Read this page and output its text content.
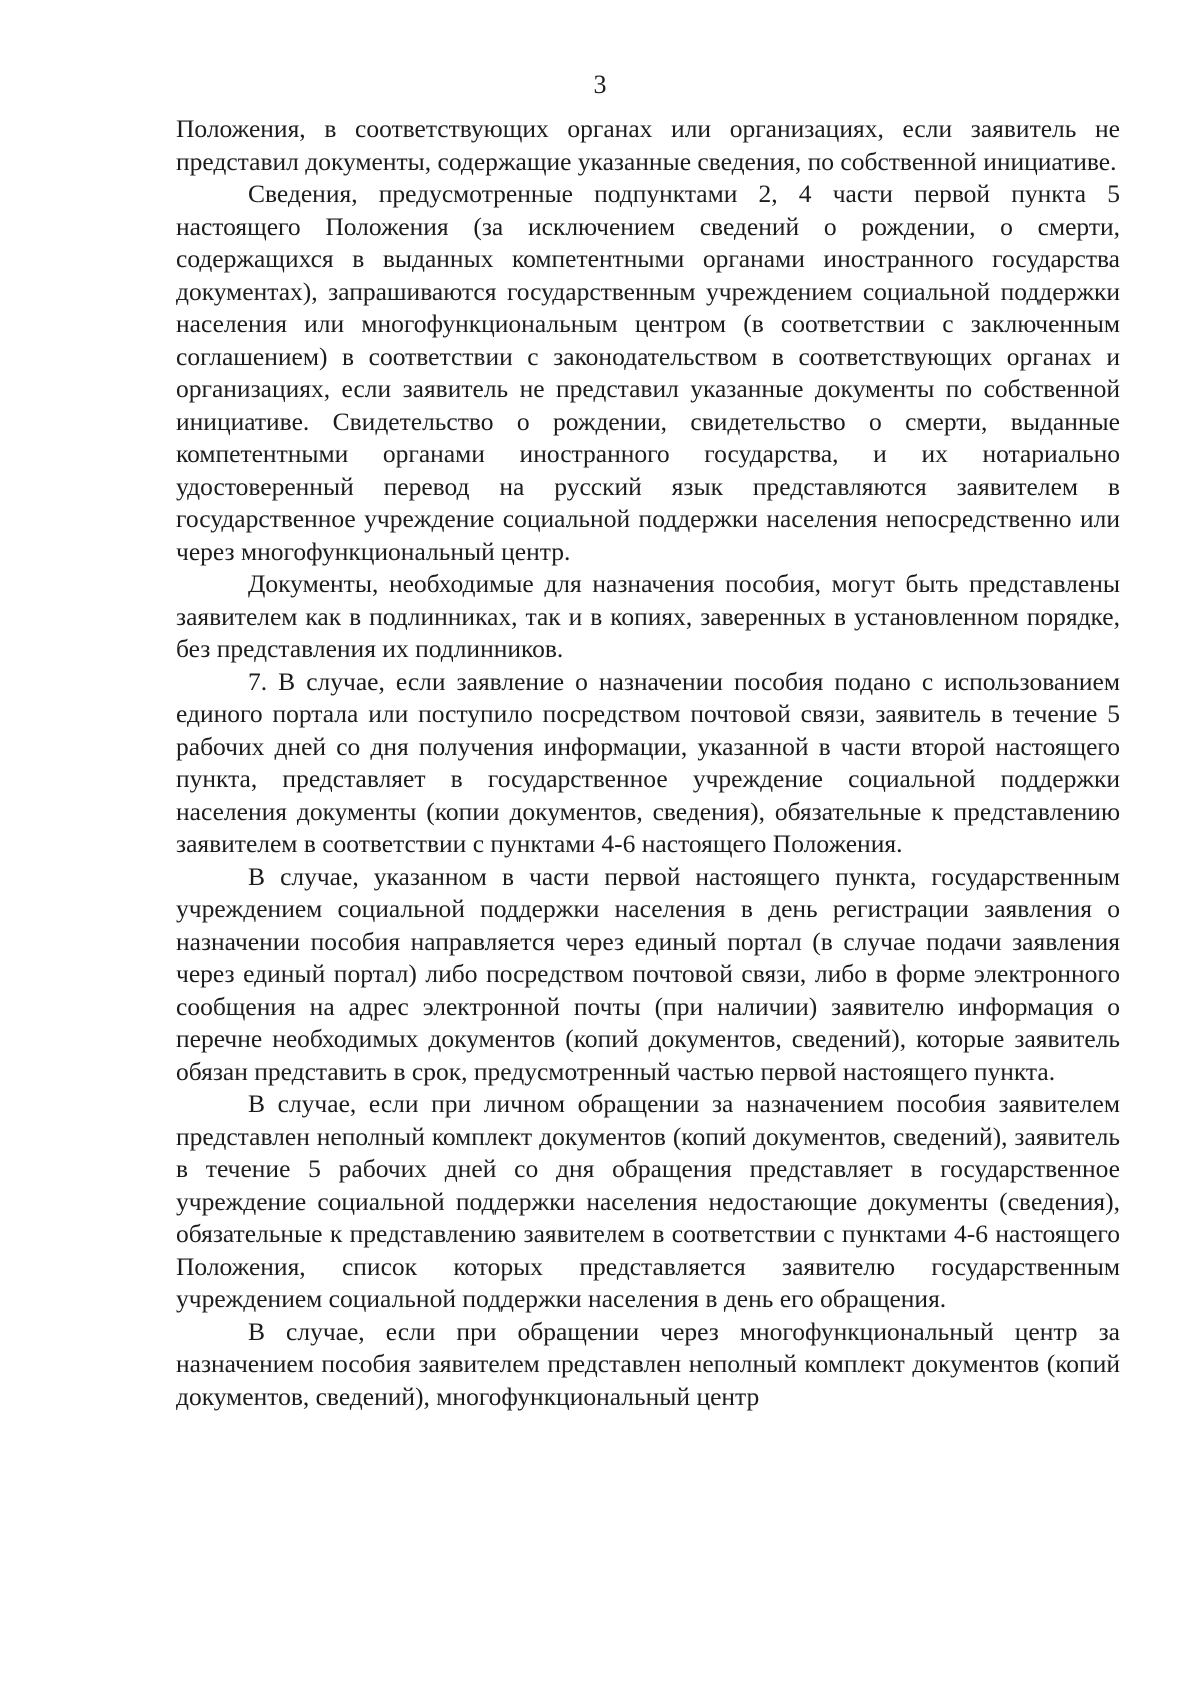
3

Положения, в соответствующих органах или организациях, если заявитель не представил документы, содержащие указанные сведения, по собственной инициативе.

Сведения, предусмотренные подпунктами 2, 4 части первой пункта 5 настоящего Положения (за исключением сведений о рождении, о смерти, содержащихся в выданных компетентными органами иностранного государства документах), запрашиваются государственным учреждением социальной поддержки населения или многофункциональным центром (в соответствии с заключенным соглашением) в соответствии с законодательством в соответствующих органах и организациях, если заявитель не представил указанные документы по собственной инициативе. Свидетельство о рождении, свидетельство о смерти, выданные компетентными органами иностранного государства, и их нотариально удостоверенный перевод на русский язык представляются заявителем в государственное учреждение социальной поддержки населения непосредственно или через многофункциональный центр.

Документы, необходимые для назначения пособия, могут быть представлены заявителем как в подлинниках, так и в копиях, заверенных в установленном порядке, без представления их подлинников.

7. В случае, если заявление о назначении пособия подано с использованием единого портала или поступило посредством почтовой связи, заявитель в течение 5 рабочих дней со дня получения информации, указанной в части второй настоящего пункта, представляет в государственное учреждение социальной поддержки населения документы (копии документов, сведения), обязательные к представлению заявителем в соответствии с пунктами 4-6 настоящего Положения.

В случае, указанном в части первой настоящего пункта, государственным учреждением социальной поддержки населения в день регистрации заявления о назначении пособия направляется через единый портал (в случае подачи заявления через единый портал) либо посредством почтовой связи, либо в форме электронного сообщения на адрес электронной почты (при наличии) заявителю информация о перечне необходимых документов (копий документов, сведений), которые заявитель обязан представить в срок, предусмотренный частью первой настоящего пункта.

В случае, если при личном обращении за назначением пособия заявителем представлен неполный комплект документов (копий документов, сведений), заявитель в течение 5 рабочих дней со дня обращения представляет в государственное учреждение социальной поддержки населения недостающие документы (сведения), обязательные к представлению заявителем в соответствии с пунктами 4-6 настоящего Положения, список которых представляется заявителю государственным учреждением социальной поддержки населения в день его обращения.

В случае, если при обращении через многофункциональный центр за назначением пособия заявителем представлен неполный комплект документов (копий документов, сведений), многофункциональный центр
